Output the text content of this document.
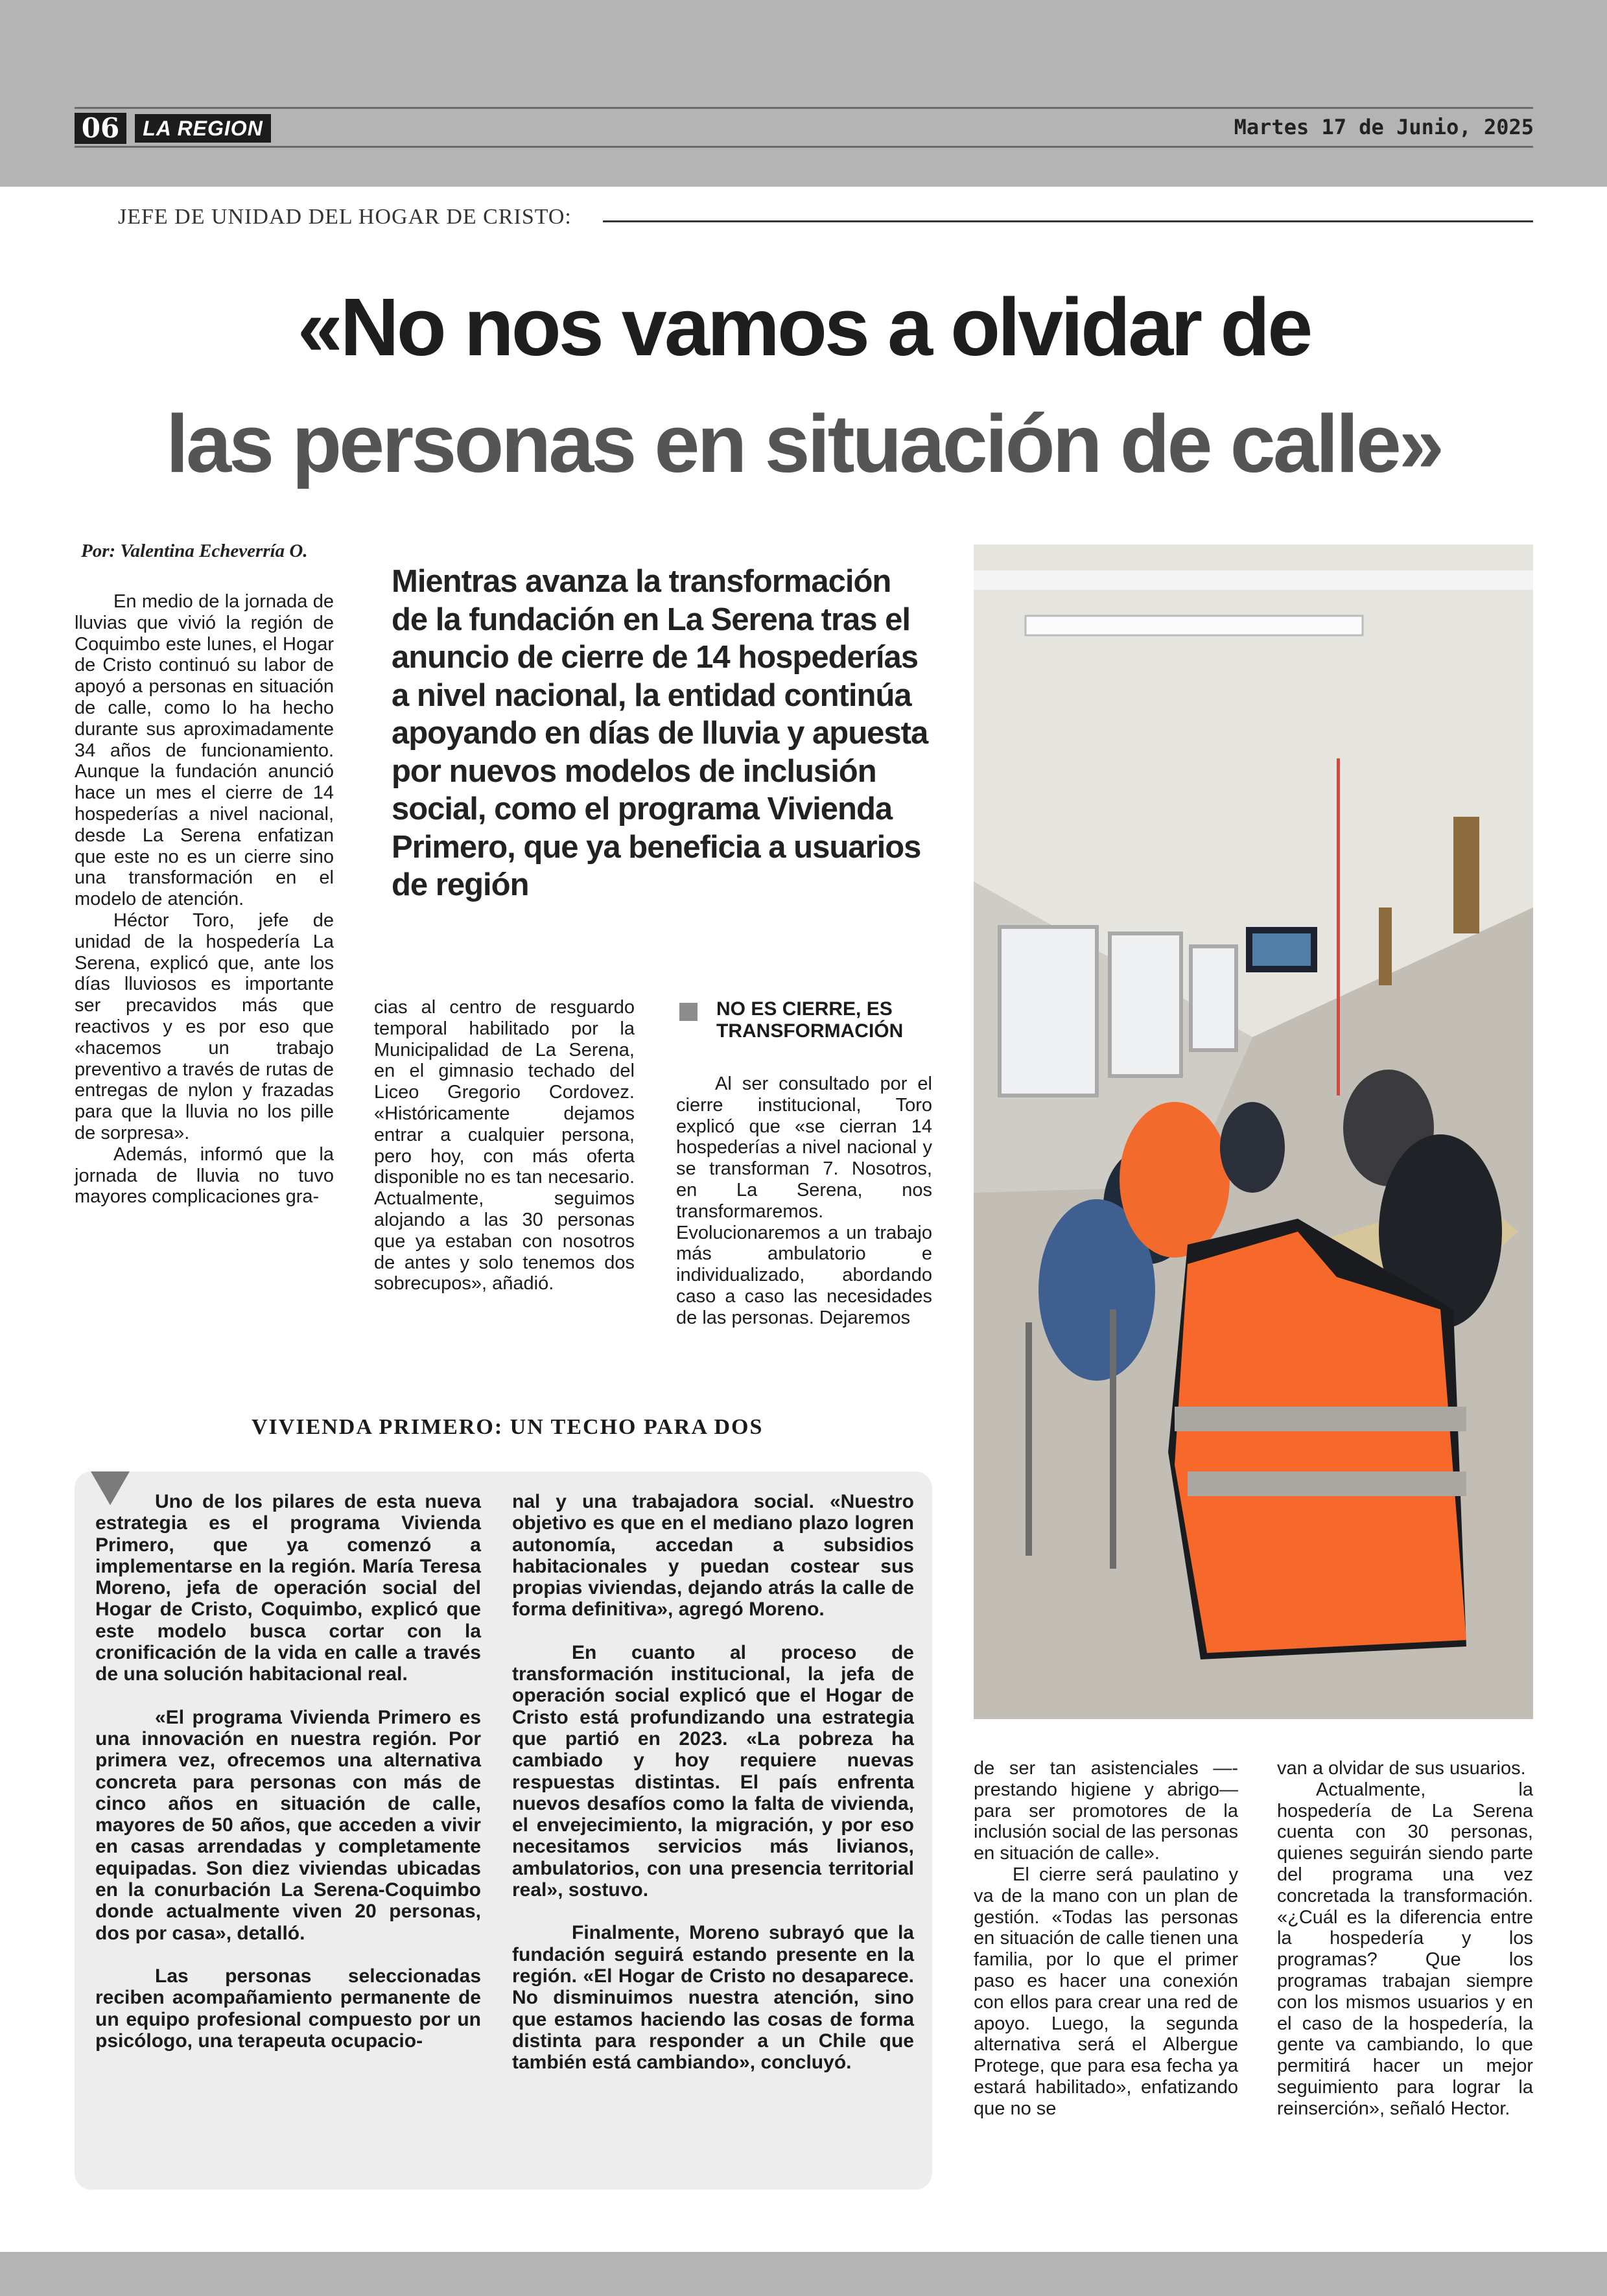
06	LA REGION	Martes 17 de Junio, 2025
JEFE DE UNIDAD DEL HOGAR DE CRISTO:
«No nos vamos a olvidar de
las personas en situación de calle»
Por: Valentina Echeverría O.
Mientras avanza la transformación de la fundación en La Serena tras el anuncio de cierre de 14 hospederías a nivel nacional, la entidad continúa apoyando en días de lluvia y apuesta por nuevos modelos de inclusión social, como el programa Vivienda Primero, que ya beneficia a usuarios de región

En medio de la jornada de lluvias que vivió la región de Coquimbo este lunes, el Hogar de Cristo continuó su labor de apoyó a personas en situación de calle, como lo ha hecho durante sus aproximadamente 34 años de funcionamiento. Aunque la fundación anunció hace un mes el cierre de 14 hospederías a nivel nacional, desde La Serena enfatizan que este no es un cierre sino una transformación en el modelo de atención.

Héctor Toro, jefe de unidad de la hospedería La Serena, explicó que, ante los días lluviosos es importante ser precavidos más que reactivos y es por eso que «hacemos un trabajo preventivo a través de rutas de entregas de nylon y frazadas para que la lluvia no los pille de sorpresa».

Además, informó que la jornada de lluvia no tuvo mayores complicaciones gra-

cias al centro de resguardo temporal habilitado por la Municipalidad de La Serena, en el gimnasio techado del Liceo Gregorio Cordovez. «Históricamente dejamos entrar a cualquier persona, pero hoy, con más oferta disponible no es tan necesario. Actualmente, seguimos alojando a las 30 personas que ya estaban con nosotros de antes y solo tenemos dos sobrecupos», añadió.

NO ES CIERRE, ES TRANSFORMACIÓN

Al ser consultado por el cierre institucional, Toro explicó que «se cierran 14 hospederías a nivel nacional y se transforman 7. Nosotros, en La Serena, nos transformaremos. Evolucionaremos a un trabajo más ambulatorio e individualizado, abordando caso a caso las necesidades de las personas. Dejaremos

VIVIENDA PRIMERO: UN TECHO PARA DOS

Uno de los pilares de esta nueva estrategia es el programa Vivienda Primero, que ya comenzó a implementarse en la región. María Teresa Moreno, jefa de operación social del Hogar de Cristo, Coquimbo, explicó que este modelo busca cortar con la cronificación de la vida en calle a través de una solución habitacional real.

«El programa Vivienda Primero es una innovación en nuestra región. Por primera vez, ofrecemos una alternativa concreta para personas con más de cinco años en situación de calle, mayores de 50 años, que acceden a vivir en casas arrendadas y completamente equipadas. Son diez viviendas ubicadas en la conurbación La Serena-Coquimbo donde actualmente viven 20 personas, dos por casa», detalló.

Las personas seleccionadas reciben acompañamiento permanente de un equipo profesional compuesto por un psicólogo, una terapeuta ocupacio-

nal y una trabajadora social. «Nuestro objetivo es que en el mediano plazo logren autonomía, accedan a subsidios habitacionales y puedan costear sus propias viviendas, dejando atrás la calle de forma definitiva», agregó Moreno.

En cuanto al proceso de transformación institucional, la jefa de operación social explicó que el Hogar de Cristo está profundizando una estrategia que partió en 2023. «La pobreza ha cambiado y hoy requiere nuevas respuestas distintas. El país enfrenta nuevos desafíos como la falta de vivienda, el envejecimiento, la migración, y por eso necesitamos servicios más livianos, ambulatorios, con una presencia territorial real», sostuvo.

Finalmente, Moreno subrayó que la fundación seguirá estando presente en la región. «El Hogar de Cristo no desaparece. No disminuimos nuestra atención, sino que estamos haciendo las cosas de forma distinta para responder a un Chile que también está cambiando», concluyó.

de ser tan asistenciales —-prestando higiene y abrigo— para ser promotores de la inclusión social de las personas en situación de calle».

El cierre será paulatino y va de la mano con un plan de gestión. «Todas las personas en situación de calle tienen una familia, por lo que el primer paso es hacer una conexión con ellos para crear una red de apoyo. Luego, la segunda alternativa será el Albergue Protege, que para esa fecha ya estará habilitado», enfatizando que no se

van a olvidar de sus usuarios.

Actualmente, la hospedería de La Serena cuenta con 30 personas, quienes seguirán siendo parte del programa una vez concretada la transformación. «¿Cuál es la diferencia entre la hospedería y los programas? Que los programas trabajan siempre con los mismos usuarios y en el caso de la hospedería, la gente va cambiando, lo que permitirá hacer un mejor seguimiento para lograr la reinserción», señaló Hector.
